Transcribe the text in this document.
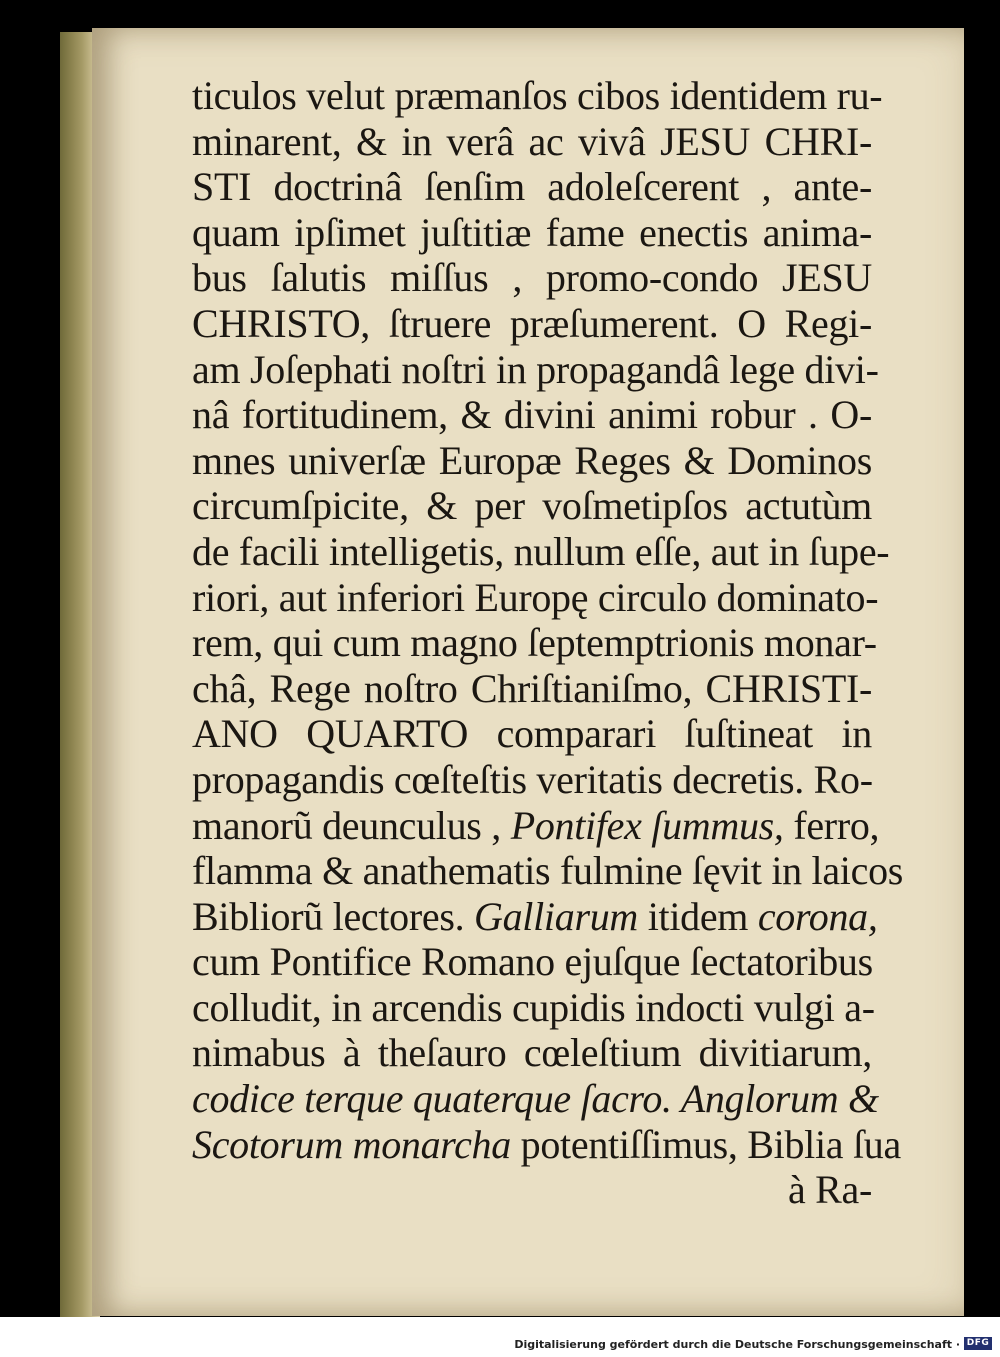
ticulos velut præmanſos cibos identidem ru-
minarent, & in verâ ac vivâ JESU CHRI-
STI doctrinâ ſenſim adoleſcerent , ante-
quam ipſimet juſtitiæ fame enectis anima-
bus ſalutis miſſus , promo-condo JESU
CHRISTO, ſtruere præſumerent. O Regi-
am Joſephati noſtri in propagandâ lege divi-
nâ fortitudinem, & divini animi robur . O-
mnes univerſæ Europæ Reges & Dominos
circumſpicite, & per voſmetipſos actutùm
de facili intelligetis, nullum eſſe, aut in ſupe-
riori, aut inferiori Europę circulo dominato-
rem, qui cum magno ſeptemptrionis monar-
châ, Rege noſtro Chriſtianiſmo, CHRISTI-
ANO QUARTO comparari ſuſtineat in
propagandis cœſteſtis veritatis decretis. Ro-
manorũ deunculus , Pontifex ſummus, ferro,
flamma & anathematis fulmine ſęvit in laicos
Bibliorũ lectores. Galliarum itidem corona,
cum Pontifice Romano ejuſque ſectatoribus
colludit, in arcendis cupidis indocti vulgi a-
nimabus à theſauro cœleſtium divitiarum,
codice terque quaterque ſacro. Anglorum &
Scotorum monarcha potentiſſimus, Biblia ſua
à Ra-
Digitalisierung gefördert durch die Deutsche Forschungsgemeinschaft · DFG
